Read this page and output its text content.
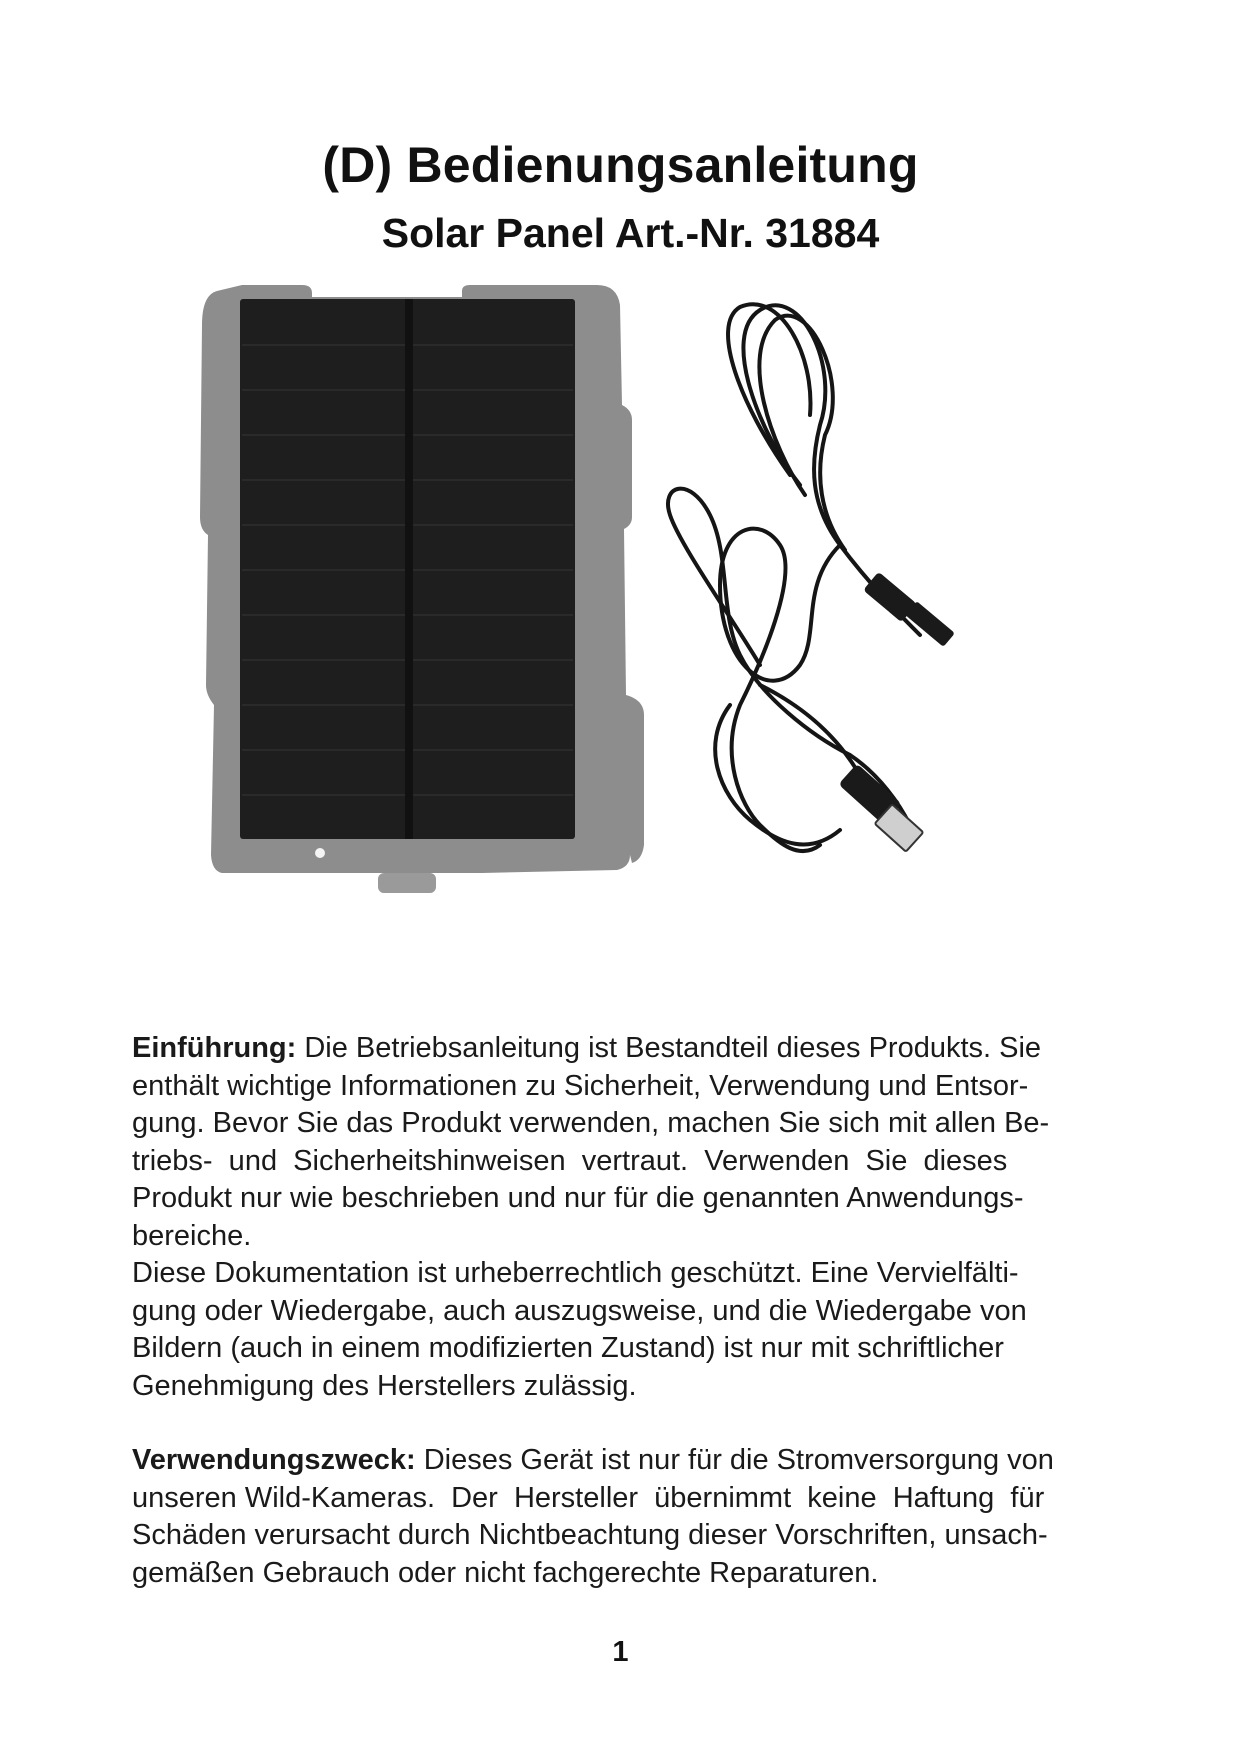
(D) Bedienungsanleitung
Solar Panel Art.-Nr. 31884

Einführung: Die Betriebsanleitung ist Bestandteil dieses Produkts. Sie
enthält wichtige Informationen zu Sicherheit, Verwendung und Entsor-
gung. Bevor Sie das Produkt verwenden, machen Sie sich mit allen Be-
triebs-  und  Sicherheitshinweisen  vertraut.  Verwenden  Sie  dieses
Produkt nur wie beschrieben und nur für die genannten Anwendungs-
bereiche.
Diese Dokumentation ist urheberrechtlich geschützt. Eine Vervielfälti-
gung oder Wiedergabe, auch auszugsweise, und die Wiedergabe von
Bildern (auch in einem modifizierten Zustand) ist nur mit schriftlicher
Genehmigung des Herstellers zulässig.

Verwendungszweck: Dieses Gerät ist nur für die Stromversorgung von
unseren Wild-Kameras.  Der  Hersteller  übernimmt  keine  Haftung  für
Schäden verursacht durch Nichtbeachtung dieser Vorschriften, unsach-
gemäßen Gebrauch oder nicht fachgerechte Reparaturen.

1
